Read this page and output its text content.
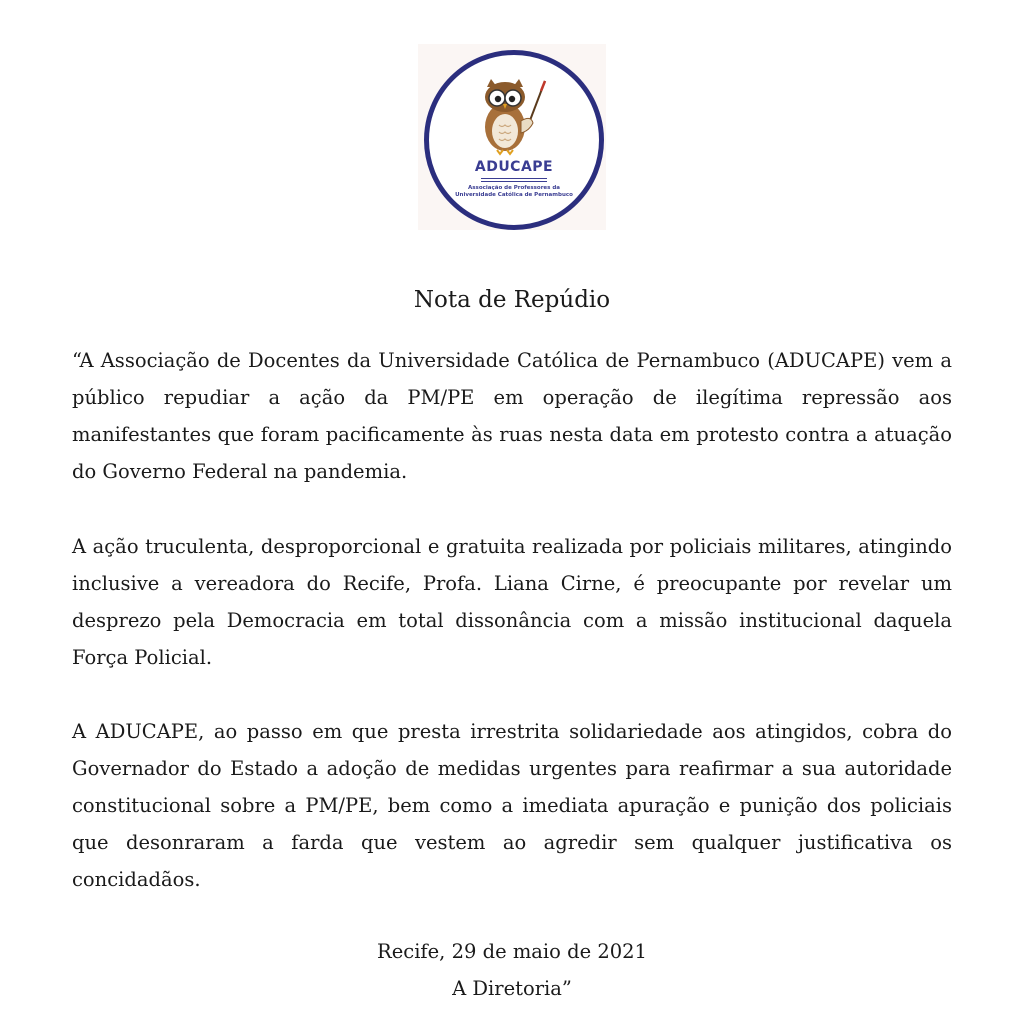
ADUCAPE
Associação de Professores da
Universidade Católica de Pernambuco
Nota de Repúdio

“A Associação de Docentes da Universidade Católica de Pernambuco (ADUCAPE) vem a público repudiar a ação da PM/PE em operação de ilegítima repressão aos manifestantes que foram pacificamente às ruas nesta data em protesto contra a atuação do Governo Federal na pandemia.

A ação truculenta, desproporcional e gratuita realizada por policiais militares, atingindo inclusive a vereadora do Recife, Profa. Liana Cirne, é preocupante por revelar um desprezo pela Democracia em total dissonância com a missão institucional daquela Força Policial.

A ADUCAPE, ao passo em que presta irrestrita solidariedade aos atingidos, cobra do Governador do Estado a adoção de medidas urgentes para reafirmar a sua autoridade constitucional sobre a PM/PE, bem como a imediata apuração e punição dos policiais que desonraram a farda que vestem ao agredir sem qualquer justificativa os concidadãos.

Recife, 29 de maio de 2021

A Diretoria”
